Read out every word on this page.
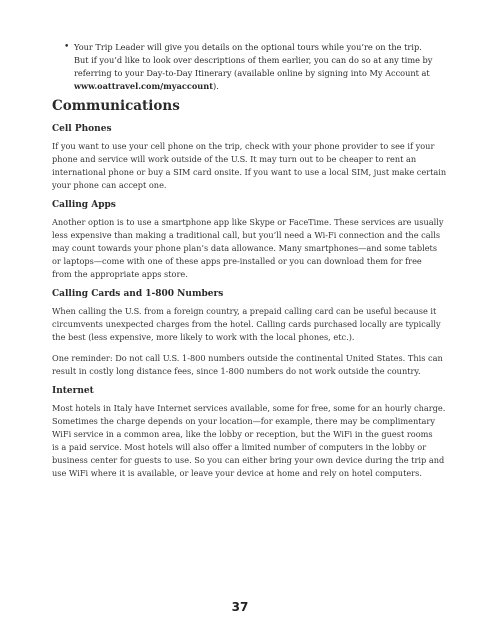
• Your Trip Leader will give you details on the optional tours while you’re on the trip.
But if you’d like to look over descriptions of them earlier, you can do so at any time by
referring to your Day-to-Day Itinerary (available online by signing into My Account at
www.oattravel.com/myaccount).
Communications
Cell Phones
If you want to use your cell phone on the trip, check with your phone provider to see if your
phone and service will work outside of the U.S. It may turn out to be cheaper to rent an
international phone or buy a SIM card onsite. If you want to use a local SIM, just make certain
your phone can accept one.
Calling Apps
Another option is to use a smartphone app like Skype or FaceTime. These services are usually
less expensive than making a traditional call, but you’ll need a Wi-Fi connection and the calls
may count towards your phone plan’s data allowance. Many smartphones—and some tablets
or laptops—come with one of these apps pre-installed or you can download them for free
from the appropriate apps store.
Calling Cards and 1-800 Numbers
When calling the U.S. from a foreign country, a prepaid calling card can be useful because it
circumvents unexpected charges from the hotel. Calling cards purchased locally are typically
the best (less expensive, more likely to work with the local phones, etc.).
One reminder: Do not call U.S. 1-800 numbers outside the continental United States. This can
result in costly long distance fees, since 1-800 numbers do not work outside the country.
Internet
Most hotels in Italy have Internet services available, some for free, some for an hourly charge.
Sometimes the charge depends on your location—for example, there may be complimentary
WiFi service in a common area, like the lobby or reception, but the WiFi in the guest rooms
is a paid service. Most hotels will also offer a limited number of computers in the lobby or
business center for guests to use. So you can either bring your own device during the trip and
use WiFi where it is available, or leave your device at home and rely on hotel computers.
37
